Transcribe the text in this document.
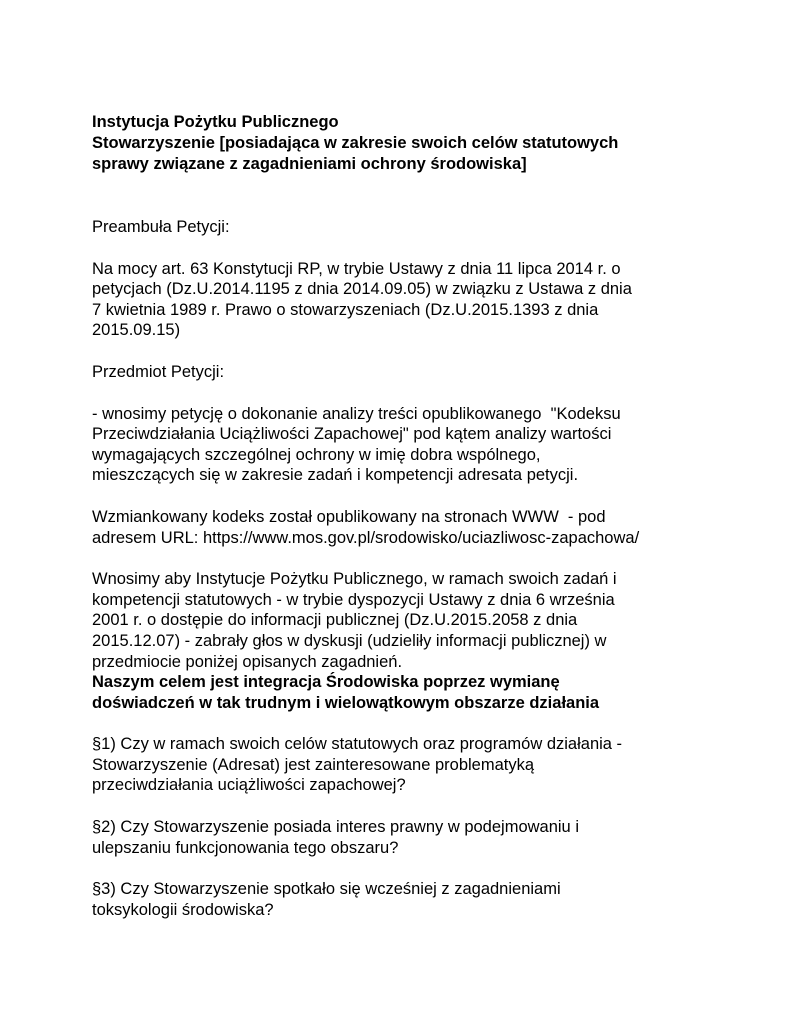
Instytucja Pożytku Publicznego
Stowarzyszenie [posiadająca w zakresie swoich celów statutowych
sprawy związane z zagadnieniami ochrony środowiska]
Preambuła Petycji:
Na mocy art. 63 Konstytucji RP, w trybie Ustawy z dnia 11 lipca 2014 r. o
petycjach (Dz.U.2014.1195 z dnia 2014.09.05) w związku z Ustawa z dnia
7 kwietnia 1989 r. Prawo o stowarzyszeniach (Dz.U.2015.1393 z dnia
2015.09.15)
Przedmiot Petycji:
- wnosimy petycję o dokonanie analizy treści opublikowanego  "Kodeksu
Przeciwdziałania Uciążliwości Zapachowej" pod kątem analizy wartości
wymagających szczególnej ochrony w imię dobra wspólnego,
mieszczących się w zakresie zadań i kompetencji adresata petycji.
Wzmiankowany kodeks został opublikowany na stronach WWW  - pod
adresem URL: https://www.mos.gov.pl/srodowisko/uciazliwosc-zapachowa/
Wnosimy aby Instytucje Pożytku Publicznego, w ramach swoich zadań i
kompetencji statutowych - w trybie dyspozycji Ustawy z dnia 6 września
2001 r. o dostępie do informacji publicznej (Dz.U.2015.2058 z dnia
2015.12.07) - zabrały głos w dyskusji (udzieliły informacji publicznej) w
przedmiocie poniżej opisanych zagadnień.
Naszym celem jest integracja Środowiska poprzez wymianę
doświadczeń w tak trudnym i wielowątkowym obszarze działania
§1) Czy w ramach swoich celów statutowych oraz programów działania -
Stowarzyszenie (Adresat) jest zainteresowane problematyką
przeciwdziałania uciążliwości zapachowej?
§2) Czy Stowarzyszenie posiada interes prawny w podejmowaniu i
ulepszaniu funkcjonowania tego obszaru?
§3) Czy Stowarzyszenie spotkało się wcześniej z zagadnieniami
toksykologii środowiska?
